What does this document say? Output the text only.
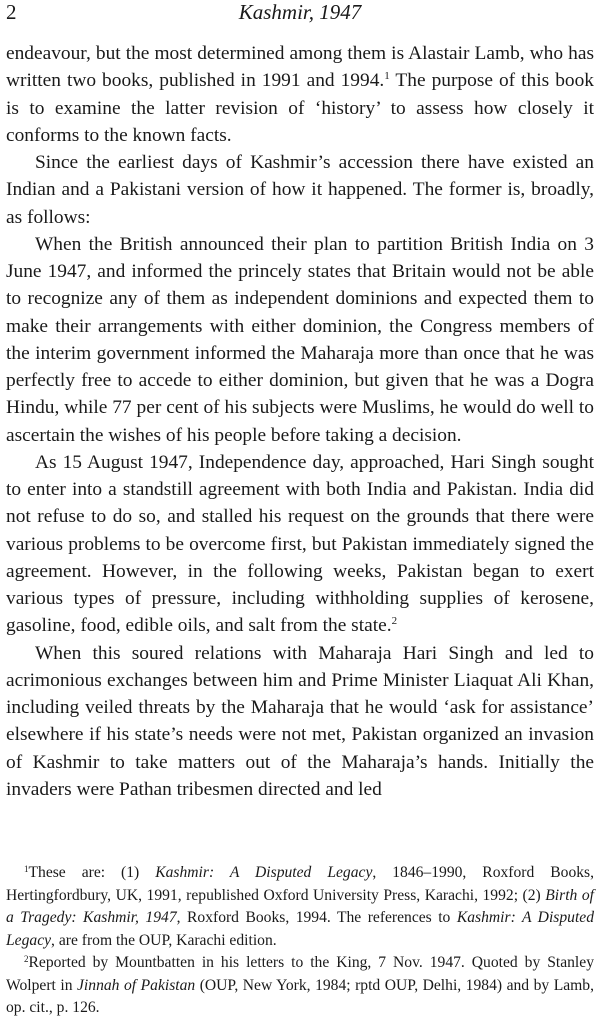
2	Kashmir, 1947

endeavour, but the most determined among them is Alastair Lamb, who has written two books, published in 1991 and 1994.$^1$ The purpose of this book is to examine the latter revision of ‘history’ to assess how closely it conforms to the known facts.

Since the earliest days of Kashmir’s accession there have existed an Indian and a Pakistani version of how it happened. The former is, broadly, as follows:

When the British announced their plan to partition British India on 3 June 1947, and informed the princely states that Britain would not be able to recognize any of them as independent dominions and expected them to make their arrangements with either dominion, the Congress members of the interim government informed the Maharaja more than once that he was perfectly free to accede to either dominion, but given that he was a Dogra Hindu, while 77 per cent of his subjects were Muslims, he would do well to ascertain the wishes of his people before taking a decision.

As 15 August 1947, Independence day, approached, Hari Singh sought to enter into a standstill agreement with both India and Pakistan. India did not refuse to do so, and stalled his request on the grounds that there were various problems to be overcome first, but Pakistan immediately signed the agreement. However, in the following weeks, Pakistan began to exert various types of pressure, including withholding supplies of kerosene, gasoline, food, edible oils, and salt from the state.$^2$

When this soured relations with Maharaja Hari Singh and led to acrimonious exchanges between him and Prime Minister Liaquat Ali Khan, including veiled threats by the Maharaja that he would ‘ask for assistance’ elsewhere if his state’s needs were not met, Pakistan organized an invasion of Kashmir to take matters out of the Maharaja’s hands. Initially the invaders were Pathan tribesmen directed and led

$^1$These are: (1) Kashmir: A Disputed Legacy, 1846–1990, Roxford Books, Hertingfordbury, UK, 1991, republished Oxford University Press, Karachi, 1992; (2) Birth of a Tragedy: Kashmir, 1947, Roxford Books, 1994. The references to Kashmir: A Disputed Legacy, are from the OUP, Karachi edition.

$^2$Reported by Mountbatten in his letters to the King, 7 Nov. 1947. Quoted by Stanley Wolpert in Jinnah of Pakistan (OUP, New York, 1984; rptd OUP, Delhi, 1984) and by Lamb, op. cit., p. 126.
